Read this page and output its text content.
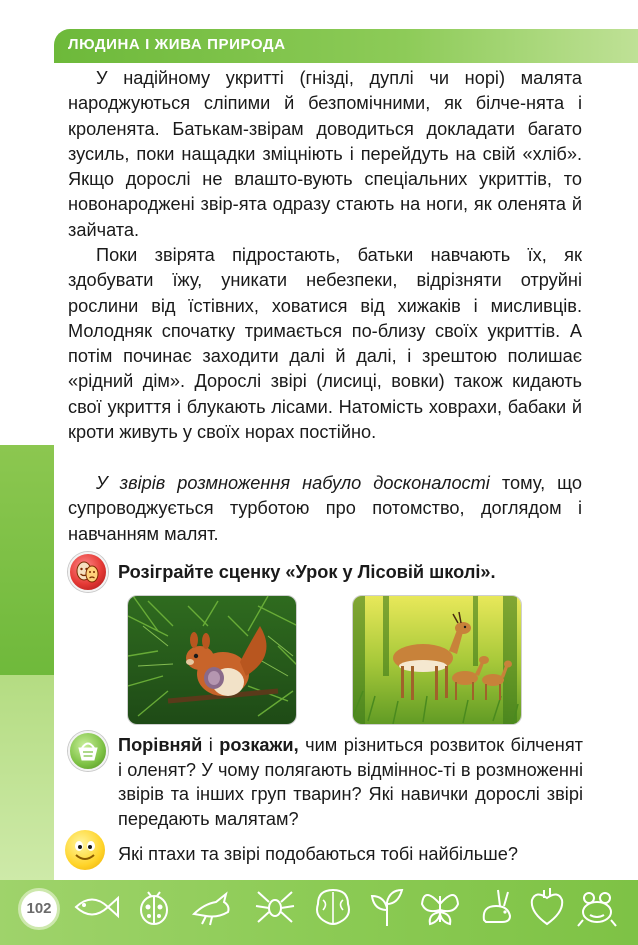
ЛЮДИНА І ЖИВА ПРИРОДА

У надійному укритті (гнізді, дуплі чи норі) малята народжуються сліпими й безпомічними, як білче-нята і кроленята. Батькам-звірам доводиться докладати багато зусиль, поки нащадки зміцніють і перейдуть на свій «хліб». Якщо дорослі не влашто-вують спеціальних укриттів, то новонароджені звір-ята одразу стають на ноги, як оленята й зайчата.

Поки звірята підростають, батьки навчають їх, як здобувати їжу, уникати небезпеки, відрізняти отруйні рослини від їстівних, ховатися від хижаків і мисливців. Молодняк спочатку тримається по-близу своїх укриттів. А потім починає заходити далі й далі, і зрештою полишає «рідний дім». Дорослі звірі (лисиці, вовки) також кидають свої укриття і блукають лісами. Натомість ховрахи, бабаки й кроти живуть у своїх норах постійно.

У звірів розмноження набуло досконалості тому, що супроводжується турботою про потомство, доглядом і навчанням малят.

Розіграйте сценку «Урок у Лісовій школі».

Порівняй і розкажи, чим різниться розвиток білченят і оленят? У чому полягають відміннос-ті в розмноженні звірів та інших груп тварин? Які навички дорослі звірі передають малятам?

Які птахи та звірі подобаються тобі найбільше?

102
